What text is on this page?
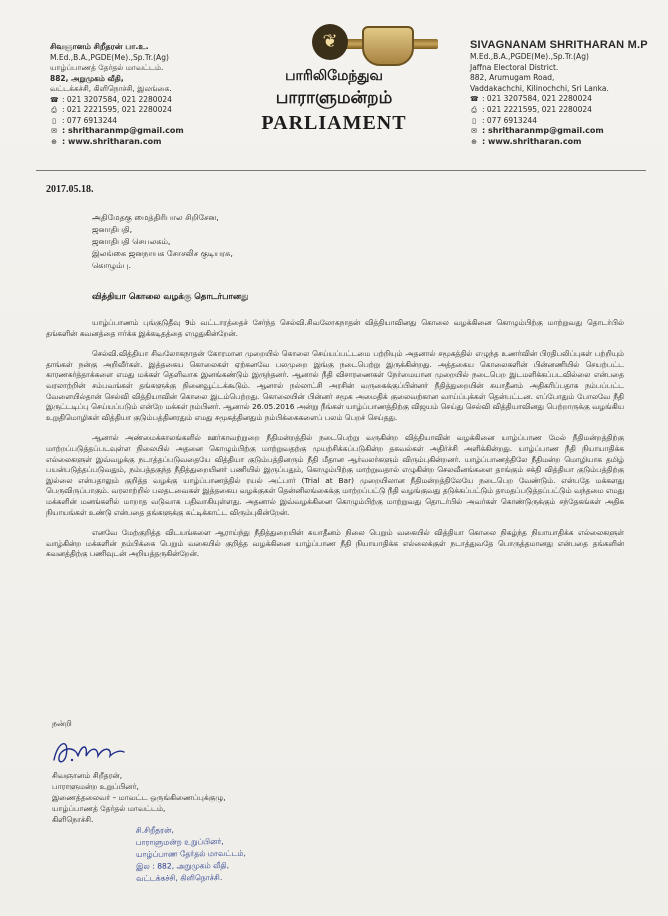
சிவஞானம் சிறீதரன் பா.உ.
M.Ed.,B.A.,PGDE(Me).,Sp.Tr.(Ag)
யாழ்ப்பாணத் தேர்தல் மாவட்டம்.
882, அறுமுகம் வீதி,
வட்டக்கச்சி, கிளிநொச்சி, இலங்கை.
☎ : 021 3207584, 021 2280024
⎙ : 021 2221595, 021 2280024
▯ : 077 6913244
✉ : shritharanmp@gmail.com
⊕ : www.shritharan.com
❦
பாரிலிமேந்துவ
பாராளுமன்றம்
PARLIAMENT
SIVAGNANAM SHRITHARAN M.P
M.Ed.,B.A.,PGDE(Me).,Sp.Tr.(Ag)
Jaffna Electoral District.
882, Arumugam Road,
Vaddakachchi, Kilinochchi, Sri Lanka.
☎ : 021 3207584, 021 2280024
⎙ : 021 2221595, 021 2280024
▯ : 077 6913244
✉ : shritharanmp@gmail.com
⊕ : www.shritharan.com
2017.05.18.
அதிமேதகு மைத்திரிபால சிறிசேன,
ஜனாதிபதி,
ஜனாதிபதி செயலகம்,
இலங்கை ஜனநாயக சோசலிச குடியரசு,
கொழும்பு.
வித்தியா கொலை வழக்கு தொடர்பானது

யாழ்ப்பாணம் புங்குடுதீவு 9ம் வட்டாரத்தைச் சேர்ந்த செல்வி.சிவலோகநாதன் வித்தியாவினது கொலை வழக்கினை கொழும்பிற்கு மாற்றுவது தொடர்பில் தங்களின் கவனத்தை ஈர்க்க இக்கடிதத்தை எழுதுகின்றேன்.

செல்வி.வித்தியா சிவலோகநாதன் கோரமான முறையில் கொலை செய்யப்பட்டமை பற்றியும் அதனால் சமூகத்தில் எழுந்த உணர்வின் பிரதிபலிப்புகள் பற்றியும் தாங்கள் நன்கு அறிவீர்கள். இத்தகைய கொலைகள் ஏற்கனவே பலமுறை இங்கு நடைபெற்று இருக்கின்றது. அத்தகைய கொலைகளின் பின்னணியில் செயற்பட்ட காரணகர்த்தாக்களை எமது மக்கள் தெளிவாக இனங்கண்டும் இருந்தனர். ஆனால் நீதி விசாரணைகள் நேர்மையான முறையில் நடைபெற இடமளிக்கப்படவில்லை என்பதை வரலாற்றின் சம்பவங்கள் தங்களுக்கு நினைவூட்டக்கூடும். ஆனால் நல்லாட்சி அரசின் வருகைக்குப்பின்னர் நீதித்துறையின் சுயாதீனம் அதிகரிப்பதாக நம்பப்பட்ட வேளையில்தான் செல்வி வித்தியாவின் கொலை இடம்பெற்றது. கொலையின் பின்னர் சமூக அமைதிக் குலைவற்கான வாய்ப்புக்கள் தென்பட்டன. எப்போதும் போலவே நீதி இருட்டடிப்பு செய்யப்படும் என்றே மக்கள் நம்பினர். ஆனால் 26.05.2016 அன்று நீங்கள் யாழ்ப்பாணத்திற்கு விஜயம் செய்து செல்வி வித்தியாவினது பெற்றாருக்கு வழங்கிய உறுதிமொழிகள் வித்தியா குடும்பத்தினரதும் எமது சமூகத்தினதும் நம்பிக்கைகளைப் பலம் பெறச் செய்தது.

ஆனால் அண்மைக்காலங்களில் ஊர்காவற்றுறை நீதிமன்றத்தில் நடைபெற்று வருகின்ற வித்தியாவின் வழக்கினை யாழ்ப்பாண மேல் நீதிமன்றத்திற்கு மாற்றப்படுத்தப்படவுள்ள நிலையில் அதனை கொழும்பிற்கு மாற்றுவதற்கு முயற்சிக்கப்படுகின்ற தகவல்கள் அதிர்ச்சி அளிக்கின்றது. யாழ்ப்பாண நீதி நியாயாதிக்க எல்லைகளுள் இவ்வழக்கு நடாத்தப்படுவதையே வித்தியா குடும்பத்தினரும் நீதி மீதான ஆர்வலர்களும் விரும்புகின்றனர். யாழ்ப்பாணத்திலே நீதிமன்ற மொழியாக தமிழ் பயன்படுத்தப்படுவதும், நம்பத்தகுந்த நீதித்துறையினர் பணியில் இருப்பதும், கொழும்பிற்கு மாற்றுவதால் எழுகின்ற செலவீனங்களை தாங்கும் சக்தி வித்தியா குடும்பத்திற்கு இல்லை என்பதாலும் குறித்த வழக்கு யாழ்ப்பாணத்தில் ரயல் அட்பார் (Trial at Bar) முறையிலான நீதிமன்றத்திலேயே நடைபெற வேண்டும். என்பதே மக்களது பெருவிருப்பாகும். வரலாற்றில் பலதடவைகள் இத்தகைய வழக்குகள் தென்னிலங்கைக்கு மாற்றப்பட்டு நீதி வழங்குவது தடுக்கப்பட்டும் தாமதப்படுத்தப்பட்டும் வந்தமை எமது மக்களின் மனங்களில் மாறாத வடுவாக பதிவாகியுள்ளது. அதனால் இவ்வழக்கினை கொழும்பிற்கு மாற்றுவது தொடர்பில் அவர்கள் கொண்டுருக்கும் சந்தேகங்கள் அதிக நியாயங்கள் உண்டு என்பதை தங்களுக்கு சுட்டிக்காட்ட விரும்புகின்றேன்.

எனவே மேற்குறித்த விடயங்களை ஆராய்ந்து நீதித்துறையின் சுயாதீனம் நிலை பெறும் வகையில் வித்தியா கொலை நிகழ்ந்த நியாயாதிக்க எல்லைகளுள் வாழ்கின்ற மக்களின் நம்பிக்கை பெறும் வகையில் குறித்த வழக்கினை யாழ்ப்பாண நீதி நியாயாதிக்க எல்லைக்குள் நடாத்துவதே பொருத்தமானது என்பதை தங்களின் கவனத்திற்கு பணிவுடன் அறியத்தருகின்றேன்.

நன்றி
சிவஞானம் சிறீதரன்,
பாராளுமன்ற உறுப்பினர்,
இணைத்தலைவர் – மாவட்ட ஒருங்கிணைப்புக்குழு,
யாழ்ப்பாணத் தேர்தல் மாவட்டம்,
கிளிநொச்சி.
சி.சிறீதரன்,
பாராளுமன்ற உறுப்பினர்,
யாழ்ப்பாண தேர்தல் மாவட்டம்,
இல : 882, அறுமுகம் வீதி,
வட்டக்கச்சி, கிளிநொச்சி.
